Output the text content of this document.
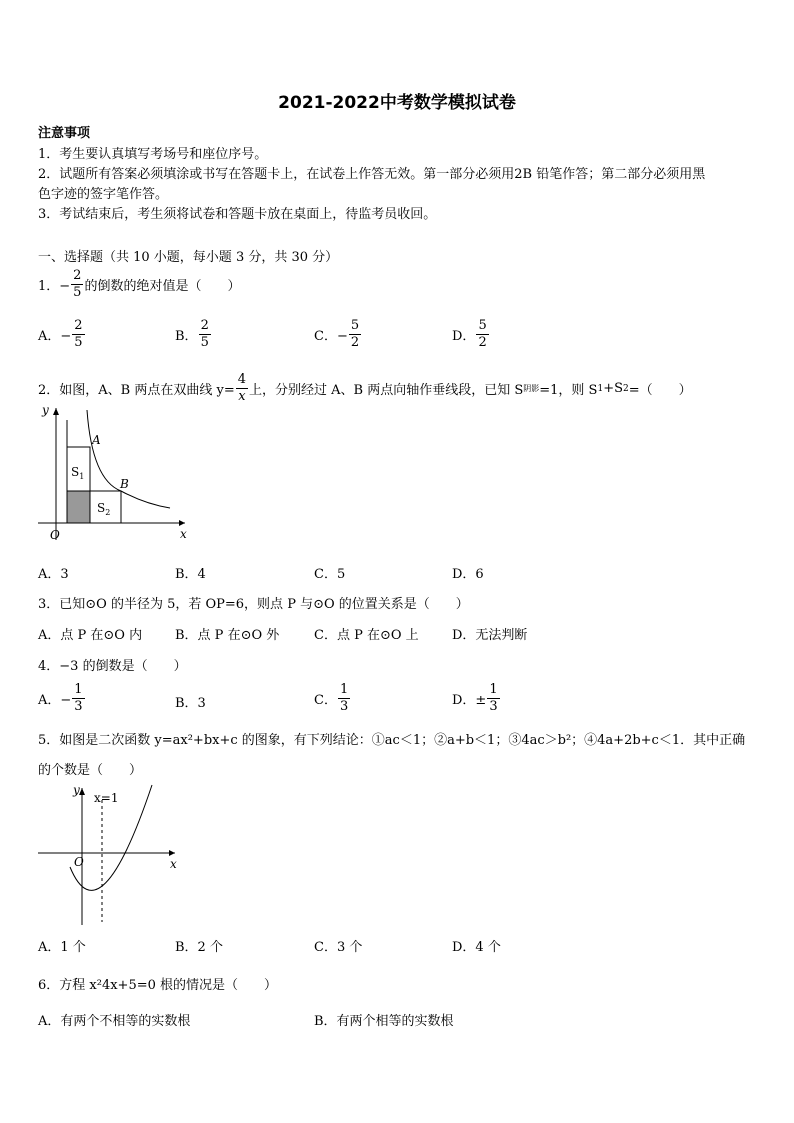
2021-2022中考数学模拟试卷
注意事项
1．考生要认真填写考场号和座位序号。
2．试题所有答案必须填涂或书写在答题卡上，在试卷上作答无效。第一部分必须用2B 铅笔作答；第二部分必须用黑
色字迹的签字笔作答。
3．考试结束后，考生须将试卷和答题卡放在桌面上，待监考员收回。
一、选择题（共 10 小题，每小题 3 分，共 30 分）
1．− $\frac{2}{5}$ 的倒数的绝对值是（　　）
A．− $\frac{2}{5}$	B． $\frac{2}{5}$	C．− $\frac{5}{2}$	D． $\frac{5}{2}$
2．如图，A、B 两点在双曲线 $y= \frac{4}{x}$ 上，分别经过 A、B 两点向轴作垂线段，已知 S 阴影 =1，则 S 1 +S 2 =（　　）
y
x
O
A
B
$S_1$
$S_2$
A．3	B．4	C．5	D．6
3．已知⊙O 的半径为 5，若 OP=6，则点 P 与⊙O 的位置关系是（　　）
A．点 P 在⊙O 内	B．点 P 在⊙O 外	C．点 P 在⊙O 上	D．无法判断
4．−3 的倒数是（　　）
A．− $\frac{1}{3}$	B．3	C． $\frac{1}{3}$	D．± $\frac{1}{3}$
5．如图是二次函数 y=ax²+bx+c 的图象，有下列结论：①ac＜1；②a+b＜1；③4ac＞b²；④4a+2b+c＜1．其中正确
的个数是（　　）
y
x
O
x=1
A．1 个	B．2 个	C．3 个	D．4 个
6．方程 x²4x+5=0 根的情况是（　　）
A．有两个不相等的实数根	B．有两个相等的实数根
